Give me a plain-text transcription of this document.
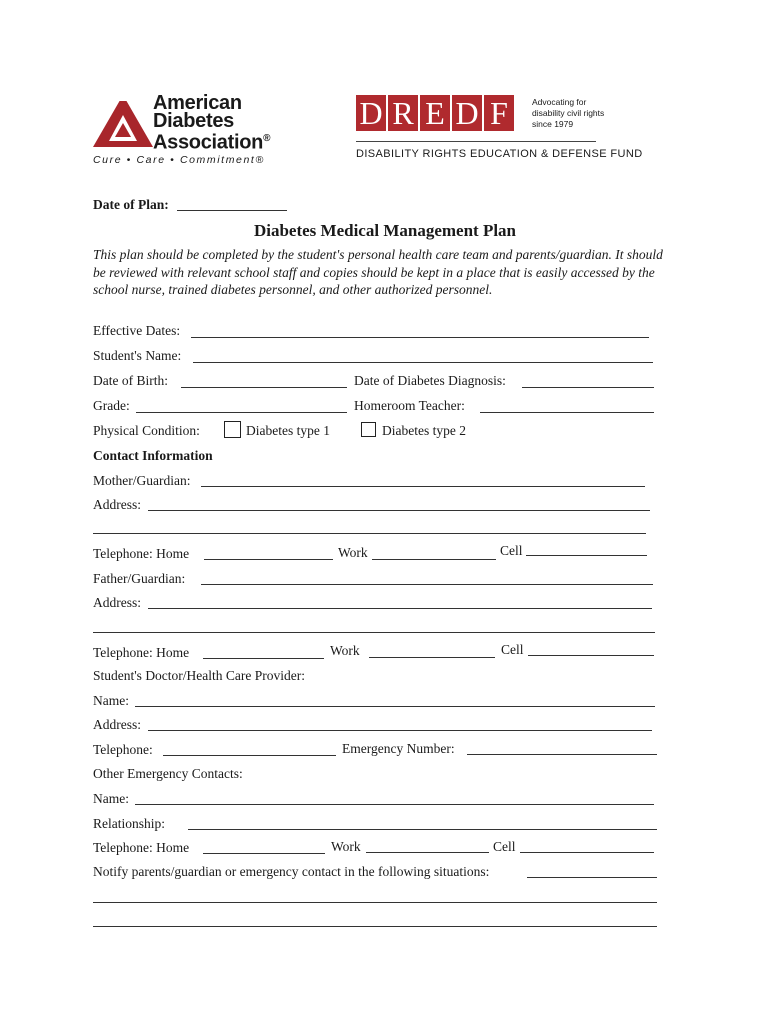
American
Diabetes
Association®
Cure • Care • Commitment®
D R E D F	Advocating for
disability civil rights
since 1979
DISABILITY RIGHTS EDUCATION & DEFENSE FUND
Date of Plan:
Diabetes Medical Management Plan
This plan should be completed by the student's personal health care team and parents/guardian. It should be reviewed with relevant school staff and copies should be kept in a place that is easily accessed by the school nurse, trained diabetes personnel, and other authorized personnel.
Effective Dates:
Student's Name:
Date of Birth:	Date of Diabetes Diagnosis:
Grade:	Homeroom Teacher:
Physical Condition:	Diabetes type 1	Diabetes type 2
Contact Information
Mother/Guardian:
Address:
Telephone: Home	Work	Cell
Father/Guardian:
Address:
Telephone: Home	Work	Cell
Student's Doctor/Health Care Provider:
Name:
Address:
Telephone:	Emergency Number:
Other Emergency Contacts:
Name:
Relationship:
Telephone: Home	Work	Cell
Notify parents/guardian or emergency contact in the following situations:
